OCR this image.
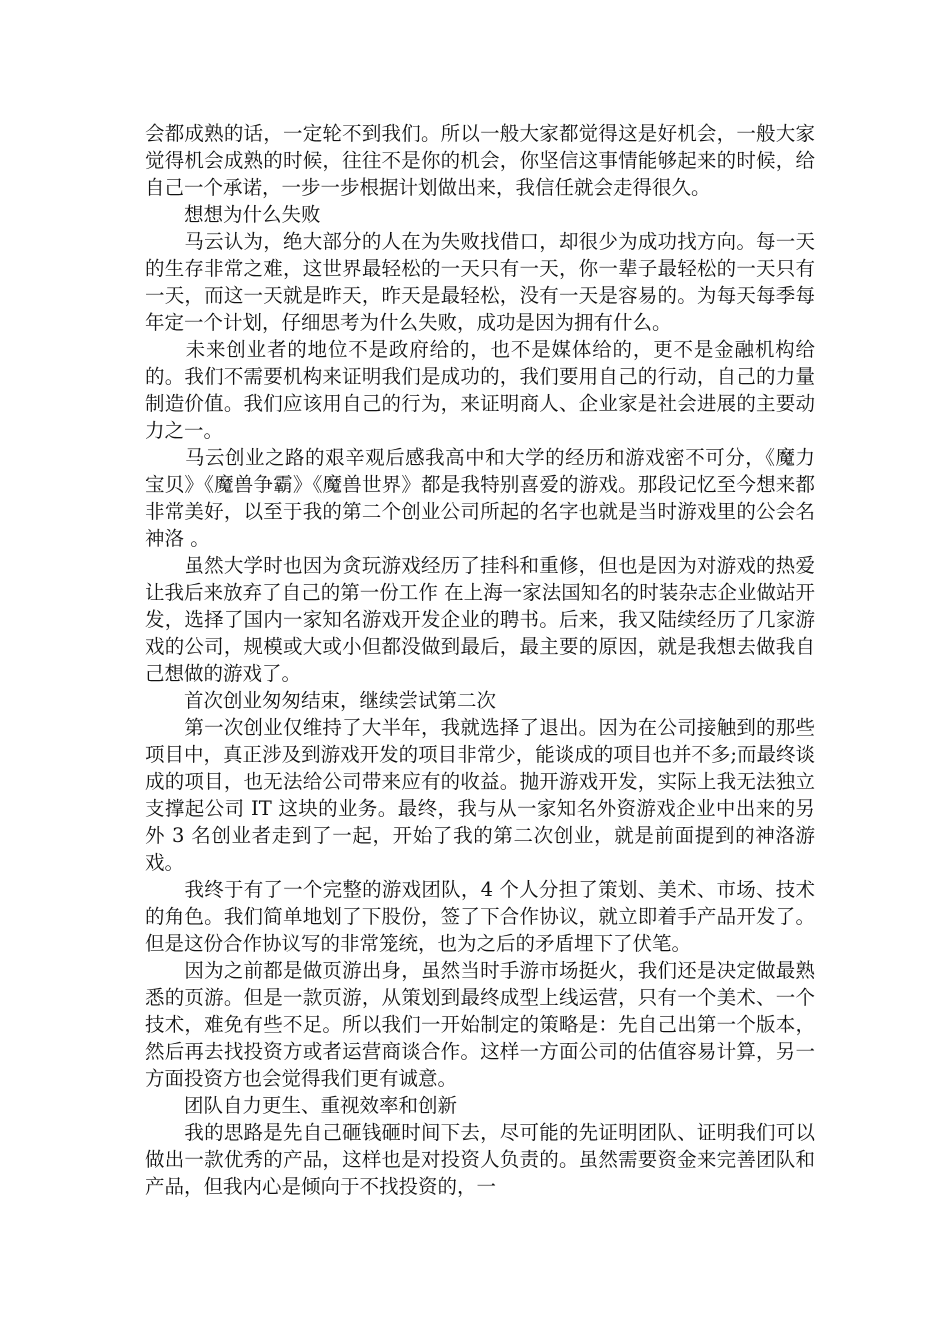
会都成熟的话，一定轮不到我们。所以一般大家都觉得这是好机会，一般大家觉得机会成熟的时候，往往不是你的机会，你坚信这事情能够起来的时候，给自己一个承诺，一步一步根据计划做出来，我信任就会走得很久。

　　想想为什么失败

　　马云认为，绝大部分的人在为失败找借口，却很少为成功找方向。每一天的生存非常之难，这世界最轻松的一天只有一天，你一辈子最轻松的一天只有一天，而这一天就是昨天，昨天是最轻松，没有一天是容易的。为每天每季每年定一个计划，仔细思考为什么失败，成功是因为拥有什么。

　　未来创业者的地位不是政府给的，也不是媒体给的，更不是金融机构给的。我们不需要机构来证明我们是成功的，我们要用自己的行动，自己的力量制造价值。我们应该用自己的行为，来证明商人、企业家是社会进展的主要动力之一。

　　马云创业之路的艰辛观后感我高中和大学的经历和游戏密不可分，《魔力宝贝》《魔兽争霸》《魔兽世界》都是我特别喜爱的游戏。那段记忆至今想来都非常美好，以至于我的第二个创业公司所起的名字也就是当时游戏里的公会名 神洛 。

　　虽然大学时也因为贪玩游戏经历了挂科和重修，但也是因为对游戏的热爱让我后来放弃了自己的第一份工作 在上海一家法国知名的时装杂志企业做站开发，选择了国内一家知名游戏开发企业的聘书。后来，我又陆续经历了几家游戏的公司，规模或大或小但都没做到最后，最主要的原因，就是我想去做我自己想做的游戏了。

　　首次创业匆匆结束，继续尝试第二次

　　第一次创业仅维持了大半年，我就选择了退出。因为在公司接触到的那些项目中，真正涉及到游戏开发的项目非常少，能谈成的项目也并不多;而最终谈成的项目，也无法给公司带来应有的收益。抛开游戏开发，实际上我无法独立支撑起公司 IT 这块的业务。最终，我与从一家知名外资游戏企业中出来的另外 3 名创业者走到了一起，开始了我的第二次创业，就是前面提到的神洛游戏。

　　我终于有了一个完整的游戏团队，4 个人分担了策划、美术、市场、技术的角色。我们简单地划了下股份，签了下合作协议，就立即着手产品开发了。但是这份合作协议写的非常笼统，也为之后的矛盾埋下了伏笔。

　　因为之前都是做页游出身，虽然当时手游市场挺火，我们还是决定做最熟悉的页游。但是一款页游，从策划到最终成型上线运营，只有一个美术、一个技术，难免有些不足。所以我们一开始制定的策略是：先自己出第一个版本，然后再去找投资方或者运营商谈合作。这样一方面公司的估值容易计算，另一方面投资方也会觉得我们更有诚意。

　　团队自力更生、重视效率和创新

　　我的思路是先自己砸钱砸时间下去，尽可能的先证明团队、证明我们可以做出一款优秀的产品，这样也是对投资人负责的。虽然需要资金来完善团队和产品，但我内心是倾向于不找投资的，一
